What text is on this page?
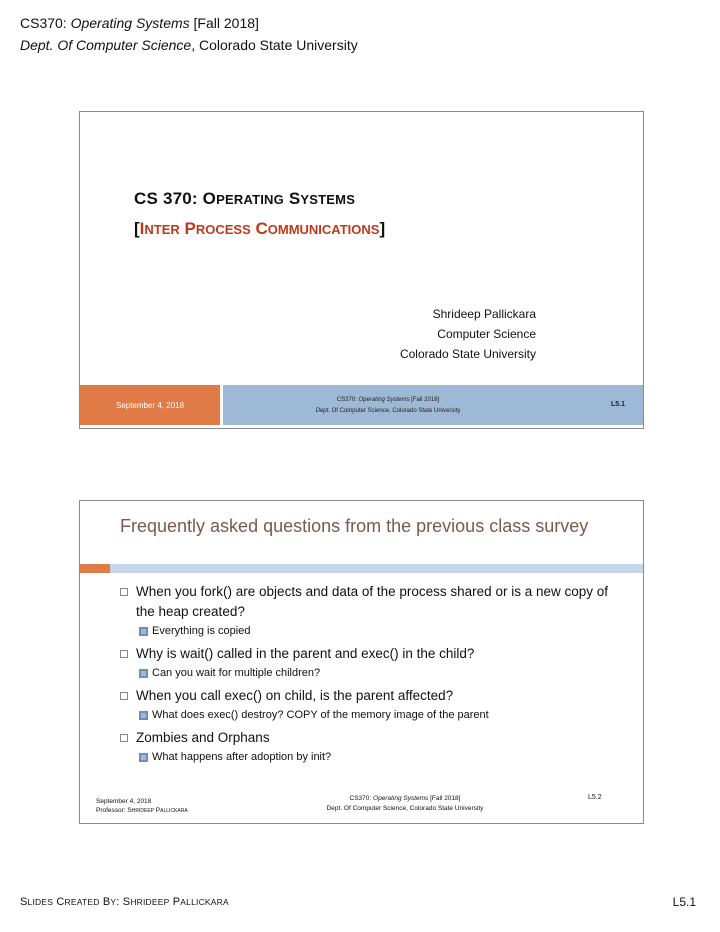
CS370: Operating Systems [Fall 2018]
Dept. Of Computer Science, Colorado State University
CS 370: OPERATING SYSTEMS
[INTER PROCESS COMMUNICATIONS]
Shrideep Pallickara
Computer Science
Colorado State University
September 4, 2018
CS370: Operating Systems [Fall 2018]
Dept. Of Computer Science, Colorado State University
L5.1
Frequently asked questions from the previous class survey
When you fork() are objects and data of the process shared or is a new copy of the heap created?
Everything is copied
Why is wait() called in the parent and exec() in the child?
Can you wait for multiple children?
When you call exec() on child, is the parent affected?
What does exec() destroy? COPY of the memory image of the parent
Zombies and Orphans
What happens after adoption by init?
September 4, 2018
Professor: SHRIDEEP PALLICKARA
CS370: Operating Systems [Fall 2018]
Dept. Of Computer Science, Colorado State University
L5.2
SLIDES CREATED BY: SHRIDEEP PALLICKARA	L5.1
